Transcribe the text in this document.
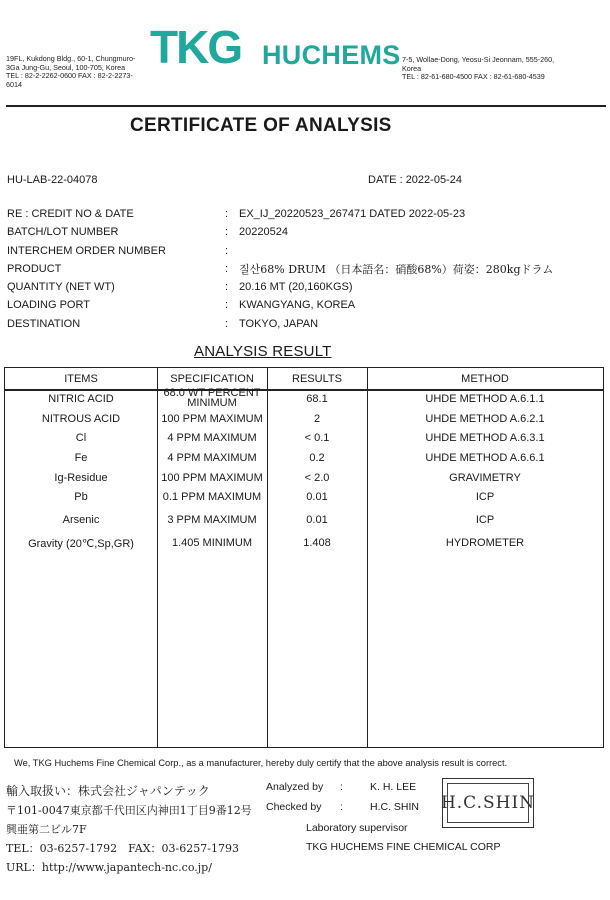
19FL, Kukdong Bldg., 60-1, Chungmuro-
3Ga Jung-Gu, Seoul, 100-705, Korea
TEL : 82-2-2262-0600 FAX : 82-2-2273-
6014
TKG HUCHEMS 7-5, Wollae-Dong, Yeosu-Si Jeonnam, 555-260,
Korea
TEL : 82-61-680-4500 FAX : 82-61-680-4539
CERTIFICATE OF ANALYSIS
HU-LAB-22-04078	DATE : 2022-05-24
RE : CREDIT NO & DATE	: EX_IJ_20220523_267471 DATED 2022-05-23
BATCH/LOT NUMBER	: 20220524
INTERCHEM ORDER NUMBER	:
PRODUCT	: 질산68% DRUM （日本語名：硝酸68%）荷姿：280kgドラム
QUANTITY (NET WT)	: 20.16 MT (20,160KGS)
LOADING PORT	: KWANGYANG, KOREA
DESTINATION	: TOKYO, JAPAN
ANALYSIS RESULT
ITEMS	SPECIFICATION	RESULTS	METHOD
NITRIC ACID	68.0 WT PERCENT MINIMUM	68.1	UHDE METHOD A.6.1.1
NITROUS ACID	100 PPM MAXIMUM	2	UHDE METHOD A.6.2.1
Cl	4 PPM MAXIMUM	< 0.1	UHDE METHOD A.6.3.1
Fe	4 PPM MAXIMUM	0.2	UHDE METHOD A.6.6.1
Ig-Residue	100 PPM MAXIMUM	< 2.0	GRAVIMETRY
Pb	0.1 PPM MAXIMUM	0.01	ICP
Arsenic	3 PPM MAXIMUM	0.01	ICP
Gravity (20℃,Sp,GR)	1.405 MINIMUM	1.408	HYDROMETER
We, TKG Huchems Fine Chemical Corp., as a manufacturer, hereby duly certify that the above analysis result is correct.
輸入取扱い：株式会社ジャパンテック
〒101-0047東京都千代田区内神田1丁目9番12号
興亜第二ビル7F
TEL：03-6257-1792　FAX：03-6257-1793
URL：http://www.japantech-nc.co.jp/
Analyzed by :	K. H. LEE
Checked by :	H.C. SHIN
Laboratory supervisor
TKG HUCHEMS FINE CHEMICAL CORP
H.C.SHIN
